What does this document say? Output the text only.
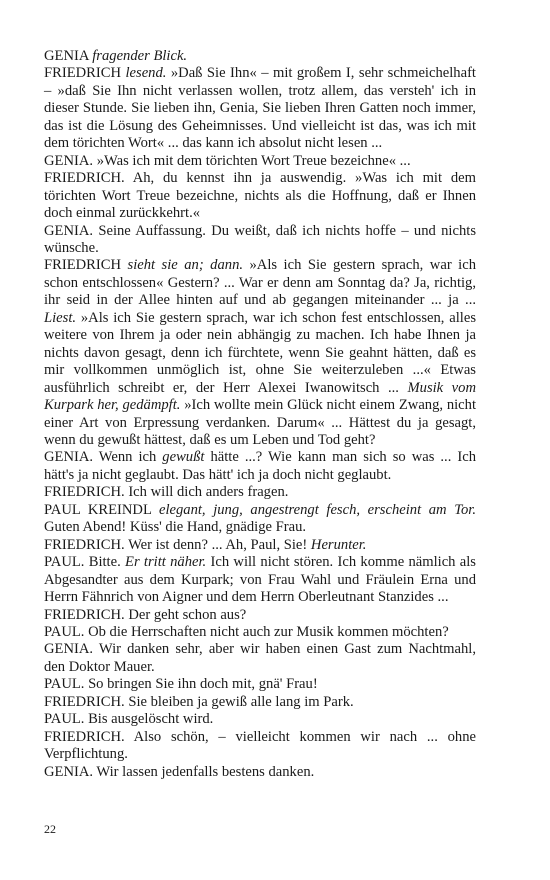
GENIA fragender Blick.

FRIEDRICH lesend. »Daß Sie Ihn« – mit großem I, sehr schmeichelhaft – »daß Sie Ihn nicht verlassen wollen, trotz allem, das versteh' ich in dieser Stunde. Sie lieben ihn, Genia, Sie lieben Ihren Gatten noch immer, das ist die Lösung des Geheimnisses. Und vielleicht ist das, was ich mit dem törichten Wort« ... das kann ich absolut nicht lesen ...

GENIA. »Was ich mit dem törichten Wort Treue bezeichne« ...

FRIEDRICH. Ah, du kennst ihn ja auswendig. »Was ich mit dem törichten Wort Treue bezeichne, nichts als die Hoffnung, daß er Ihnen doch einmal zurückkehrt.«

GENIA. Seine Auffassung. Du weißt, daß ich nichts hoffe – und nichts wünsche.

FRIEDRICH sieht sie an; dann. »Als ich Sie gestern sprach, war ich schon entschlossen« Gestern? ... War er denn am Sonntag da? Ja, richtig, ihr seid in der Allee hinten auf und ab gegangen miteinander ... ja ... Liest. »Als ich Sie gestern sprach, war ich schon fest entschlossen, alles weitere von Ihrem ja oder nein abhängig zu machen. Ich habe Ihnen ja nichts davon gesagt, denn ich fürchtete, wenn Sie geahnt hätten, daß es mir vollkommen unmöglich ist, ohne Sie weiterzuleben ...« Etwas ausführlich schreibt er, der Herr Alexei Iwanowitsch ... Musik vom Kurpark her, gedämpft. »Ich wollte mein Glück nicht einem Zwang, nicht einer Art von Erpressung verdanken. Darum« ... Hättest du ja gesagt, wenn du gewußt hättest, daß es um Leben und Tod geht?

GENIA. Wenn ich gewußt hätte ...? Wie kann man sich so was ... Ich hätt's ja nicht geglaubt. Das hätt' ich ja doch nicht geglaubt.

FRIEDRICH. Ich will dich anders fragen.

PAUL KREINDL elegant, jung, angestrengt fesch, erscheint am Tor. Guten Abend! Küss' die Hand, gnädige Frau.

FRIEDRICH. Wer ist denn? ... Ah, Paul, Sie! Herunter.

PAUL. Bitte. Er tritt näher. Ich will nicht stören. Ich komme nämlich als Abgesandter aus dem Kurpark; von Frau Wahl und Fräulein Erna und Herrn Fähnrich von Aigner und dem Herrn Oberleutnant Stanzides ...

FRIEDRICH. Der geht schon aus?

PAUL. Ob die Herrschaften nicht auch zur Musik kommen möchten?

GENIA. Wir danken sehr, aber wir haben einen Gast zum Nachtmahl, den Doktor Mauer.

PAUL. So bringen Sie ihn doch mit, gnä' Frau!

FRIEDRICH. Sie bleiben ja gewiß alle lang im Park.

PAUL. Bis ausgelöscht wird.

FRIEDRICH. Also schön, – vielleicht kommen wir nach ... ohne Verpflichtung.

GENIA. Wir lassen jedenfalls bestens danken.

22
